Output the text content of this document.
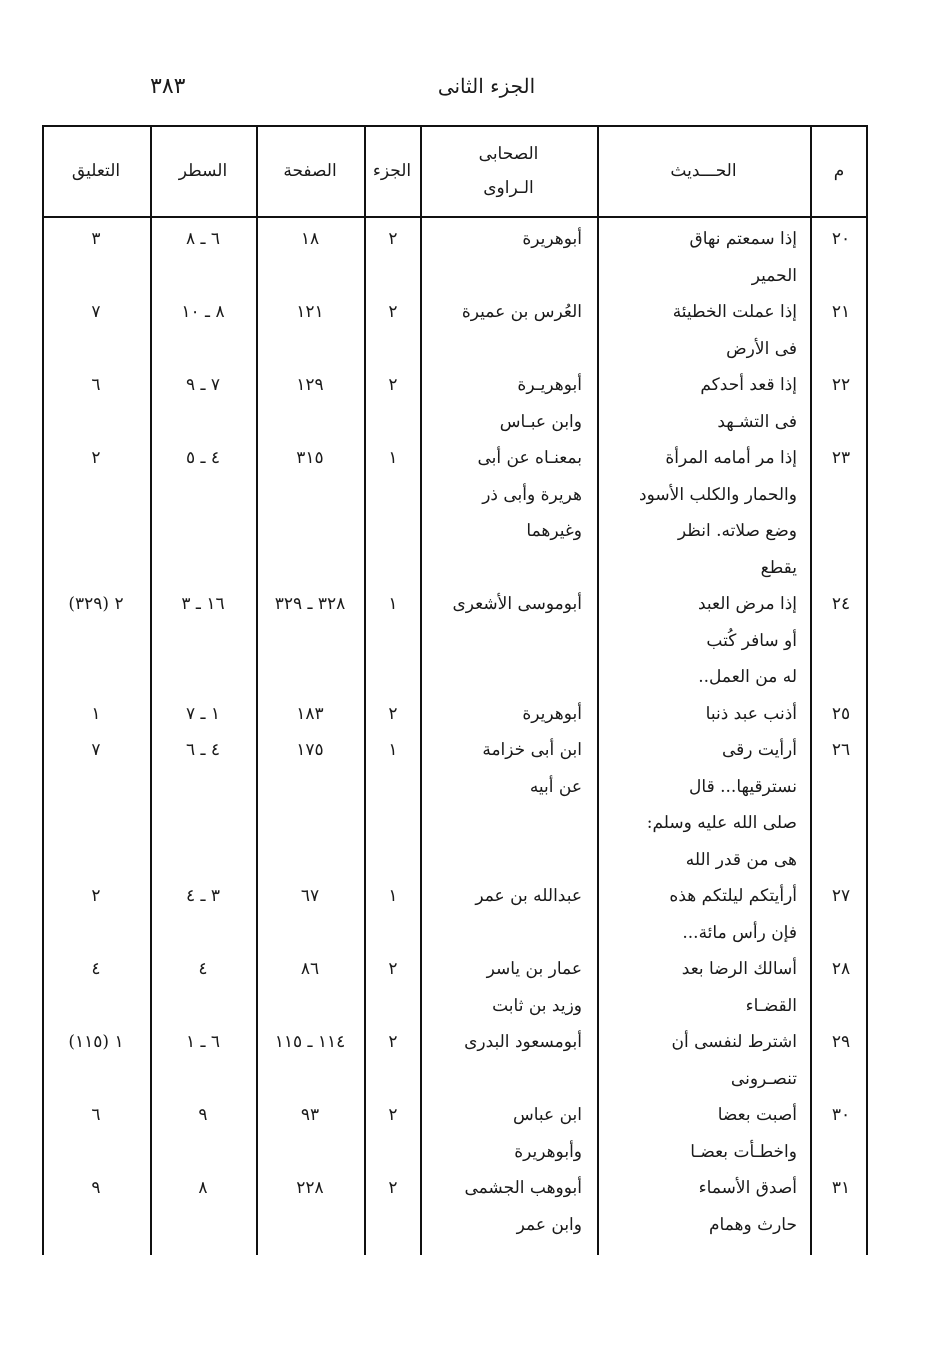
٣٨٣	الجزء الثانى
م
الحـــديث
الصحابى
الـراوى
الجزء
الصفحة
السطر
التعليق
٢٠
إذا سمعتم نهاق
الحمير
أبوهريرة
٢
١٨
٦ ـ ٨
٣
٢١
إذا عملت الخطيئة
فى الأرض
العُرس بن عميرة
٢
١٢١
٨ ـ ١٠
٧
٢٢
إذا قعد أحدكم
فى التشـهد
أبوهريـرة
وابن عبـاس
٢
١٢٩
٧ ـ ٩
٦
٢٣
إذا مر أمامه المرأة
والحمار والكلب الأسود
وضع صلاته. انظر
يقطع
بمعنـاه عن أبى
هريرة وأبى ذر
وغيرهما
١
٣١٥
٤ ـ ٥
٢
٢٤
إذا مرض العبد
أو سافر كُتب
له من العمل..
أبوموسى الأشعرى
١
٣٢٨ ـ ٣٢٩
١٦ ـ ٣
٢ (٣٢٩)
٢٥
أذنب عبد ذنبا
أبوهريرة
٢
١٨٣
١ ـ ٧
١
٢٦
أرأيت رقى
نسترقيها... قال
صلى الله عليه وسلم:
هى من قدر الله
ابن أبى خزامة
عن أبيه
١
١٧٥
٤ ـ ٦
٧
٢٧
أرأيتكم ليلتكم هذه
فإن رأس مائة...
عبدالله بن عمر
١
٦٧
٣ ـ ٤
٢
٢٨
أسالك الرضا بعد
القضـاء
عمار بن ياسر
وزيد بن ثابت
٢
٨٦
٤
٤
٢٩
اشترط لنفسى أن
تنصـرونى
أبومسعود البدرى
٢
١١٤ ـ ١١٥
٦ ـ ١
١ (١١٥)
٣٠
أصبت بعضا
واخطـأت بعضـا
ابن عباس
وأبوهريرة
٢
٩٣
٩
٦
٣١
أصدق الأسماء
حارث وهمام
أبووهب الجشمى
وابن عمر
٢
٢٢٨
٨
٩
